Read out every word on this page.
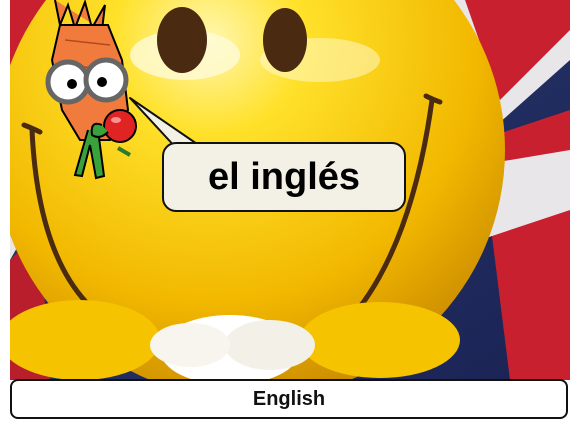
el inglés
English
